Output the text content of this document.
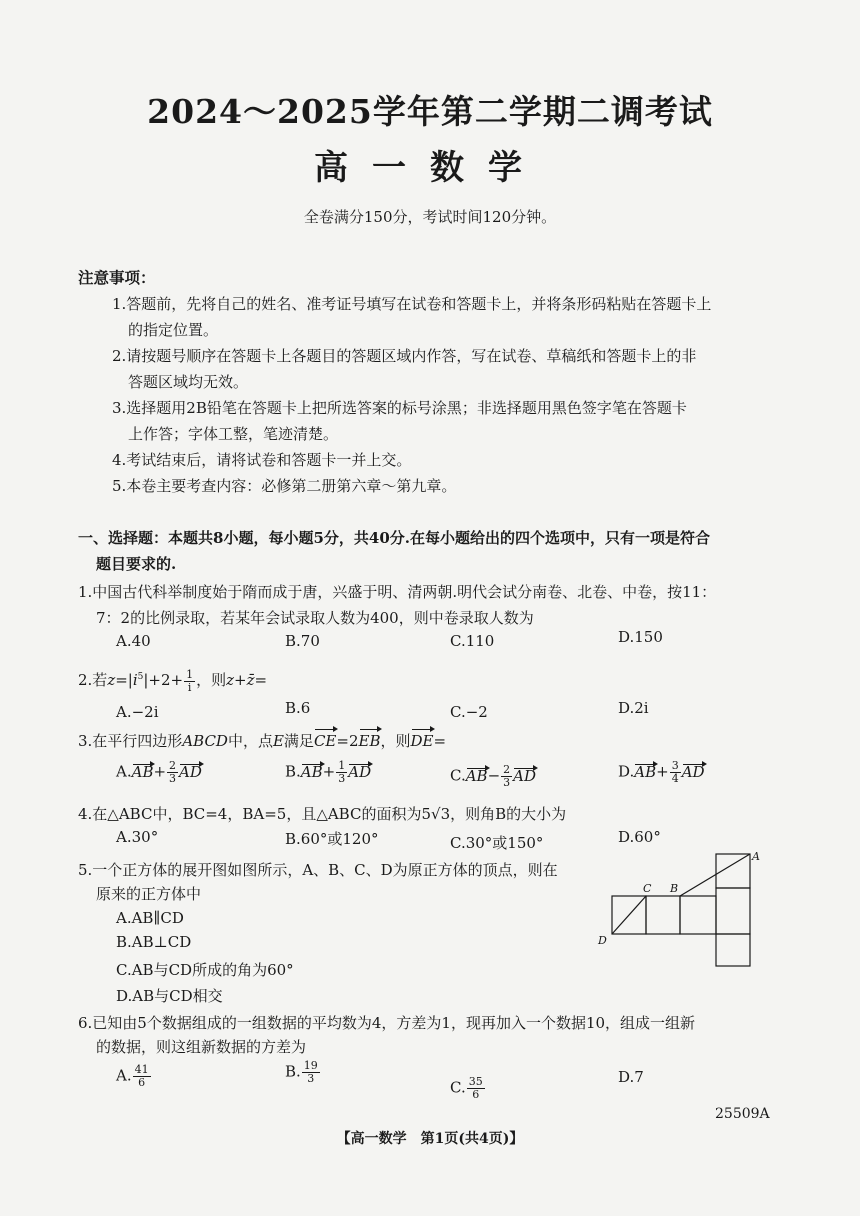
2024～2025学年第二学期二调考试
高一数学
全卷满分150分，考试时间120分钟。
注意事项：
1.答题前，先将自己的姓名、准考证号填写在试卷和答题卡上，并将条形码粘贴在答题卡上
的指定位置。
2.请按题号顺序在答题卡上各题目的答题区域内作答，写在试卷、草稿纸和答题卡上的非
答题区域均无效。
3.选择题用2B铅笔在答题卡上把所选答案的标号涂黑；非选择题用黑色签字笔在答题卡
上作答；字体工整，笔迹清楚。
4.考试结束后，请将试卷和答题卡一并上交。
5.本卷主要考查内容：必修第二册第六章～第九章。
一、选择题：本题共8小题，每小题5分，共40分.在每小题给出的四个选项中，只有一项是符合
题目要求的.
1.中国古代科举制度始于隋而成于唐，兴盛于明、清两朝.明代会试分南卷、北卷、中卷，按11：
7：2的比例录取，若某年会试录取人数为400，则中卷录取人数为
A.40	B.70	C.110	D.150
2.若$z=|i^5|+2+ \frac{1}{i}$ ，则z+z̄=
A.−2i	B.6	C.−2	D.2i
3.在平行四边形ABCD中，点E满足CE=2EB，则DE=
$A.AB+ \frac{2}{3}$ AD	$B.AB+ \frac{1}{3}$ AD	$C.AB- \frac{2}{3}$ AD	$D.AB+ \frac{3}{4}$ AD
4.在△ABC中，BC=4，BA=5，且△ABC的面积为5√3，则角B的大小为
A.30°	B.60°或120°	C.30°或150°	D.60°
5.一个正方体的展开图如图所示，A、B、C、D为原正方体的顶点，则在
原来的正方体中
A.AB∥CD
B.AB⊥CD
C.AB与CD所成的角为60°
D.AB与CD相交
A
B
C
D
6.已知由5个数据组成的一组数据的平均数为4，方差为1，现再加入一个数据10，组成一组新
的数据，则这组新数据的方差为
A. $\frac{41}{6}$	B. $\frac{19}{3}$
C. $\frac{35}{6}$	D.7
25509A
【高一数学　第1页(共4页)】
